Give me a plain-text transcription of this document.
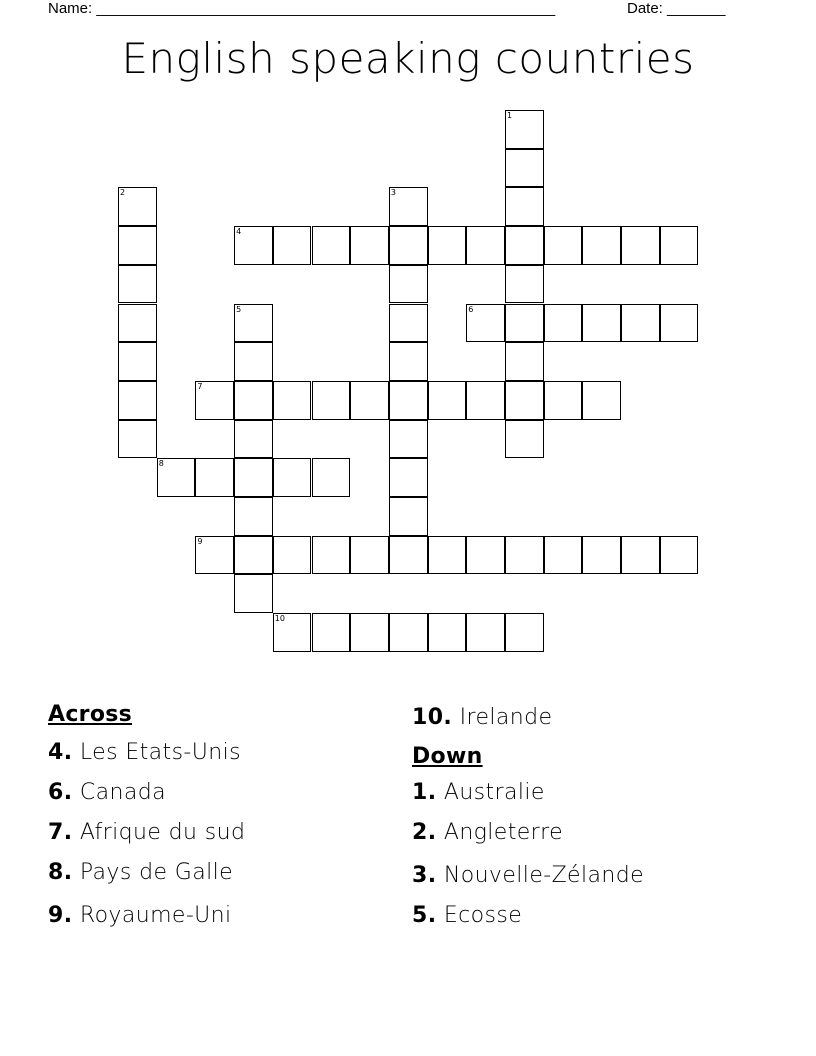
Name: _______________________________________________________	Date: _______
English speaking countries
1
2	3
4
5	6
7
8
9
10
Across
4. Les Etats-Unis
6. Canada
7. Afrique du sud
8. Pays de Galle
9. Royaume-Uni
10. Irelande
Down
1. Australie
2. Angleterre
3. Nouvelle-Zélande
5. Ecosse
